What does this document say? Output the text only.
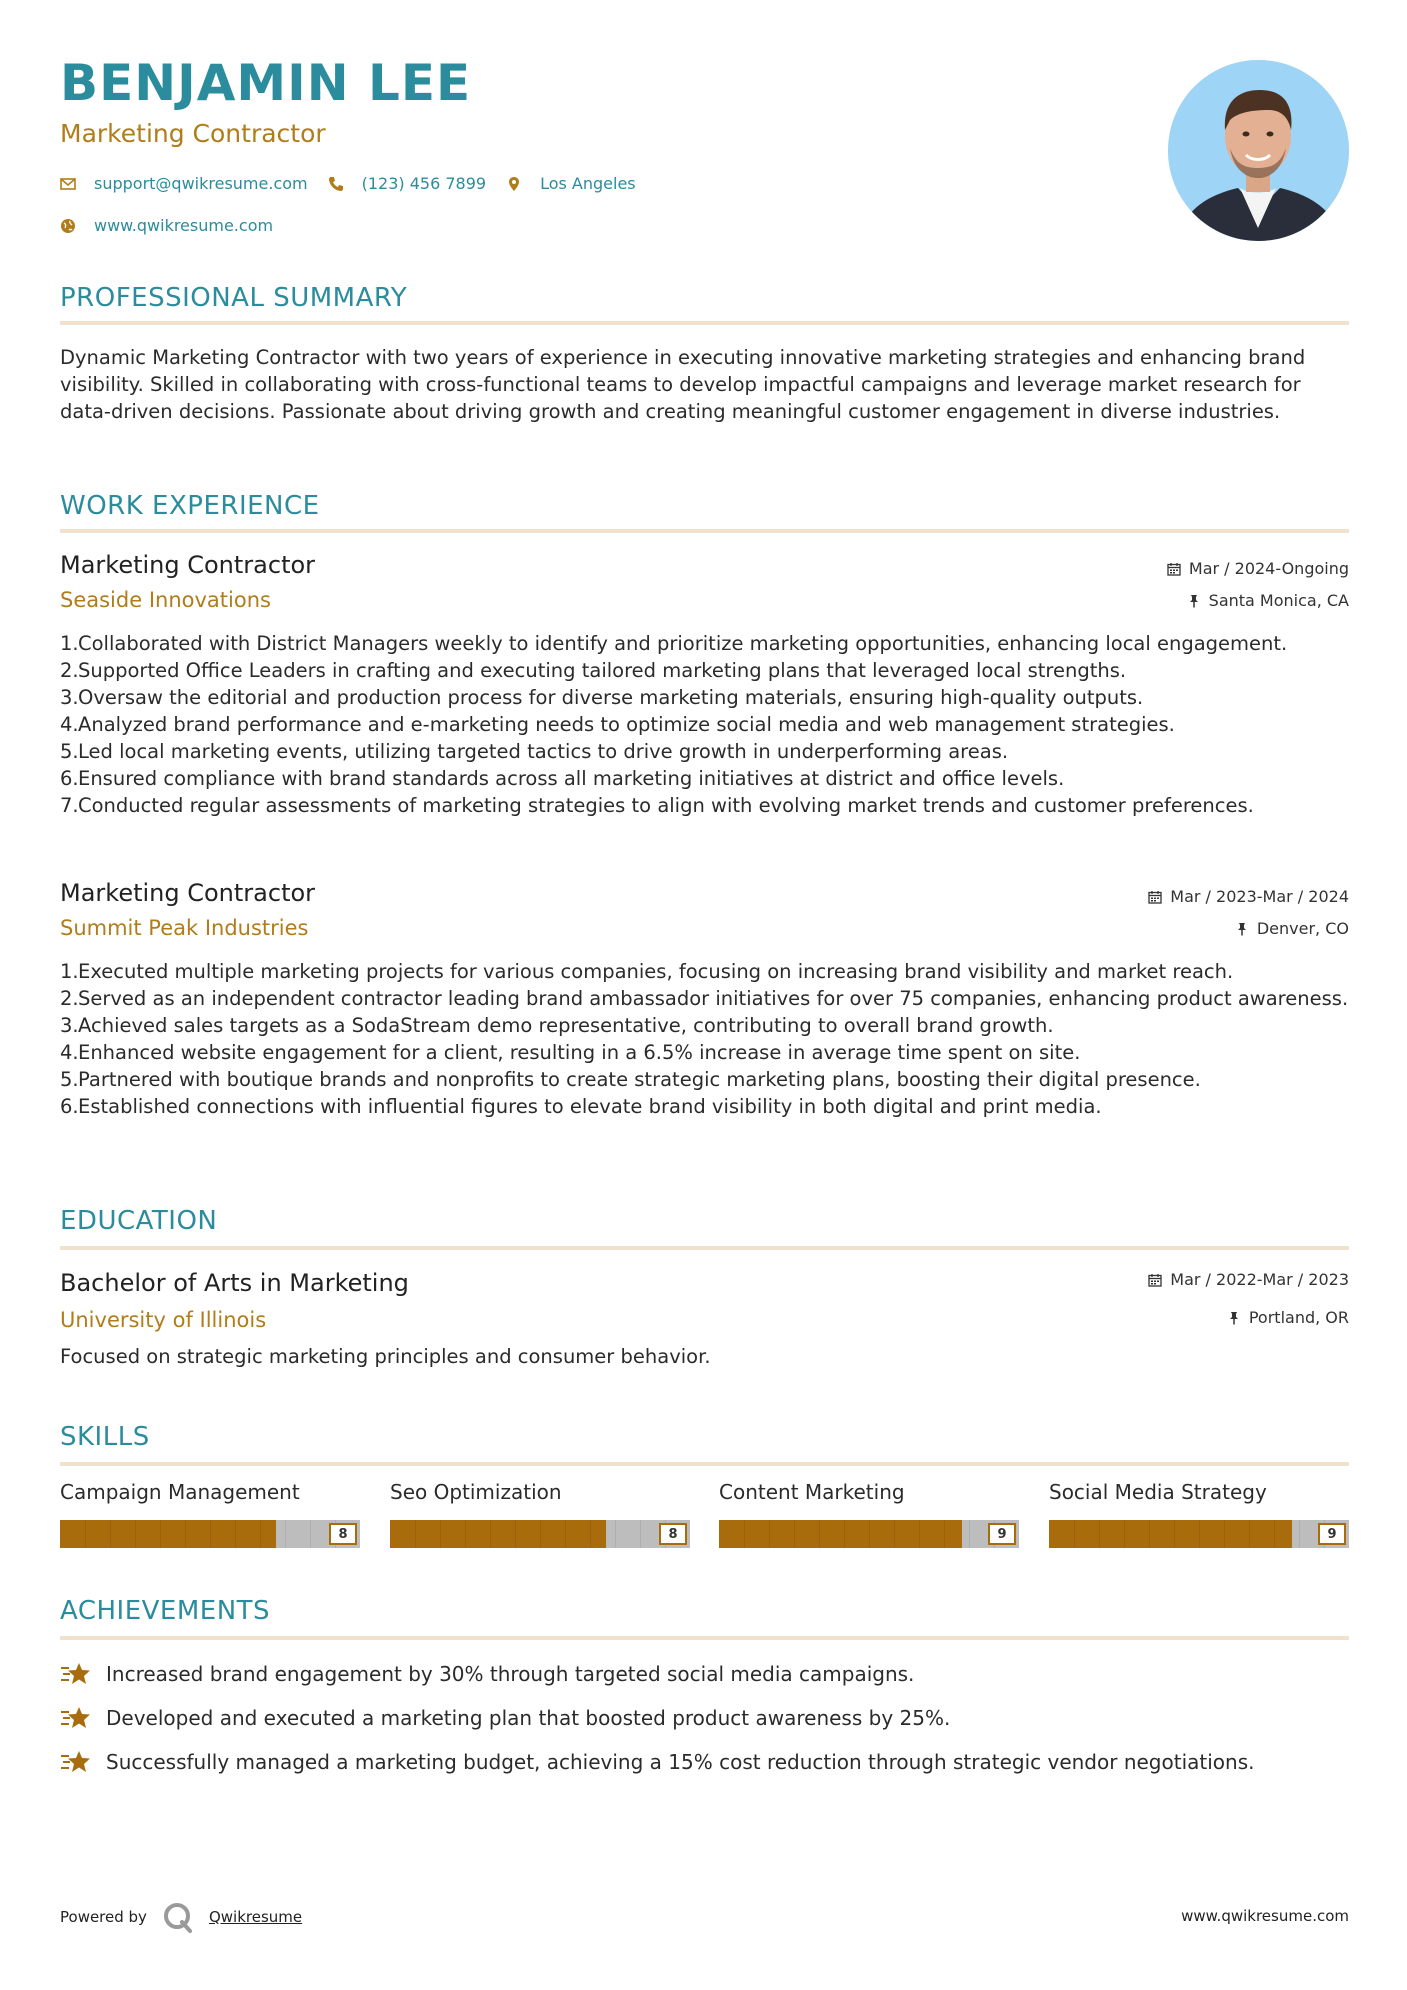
BENJAMIN LEE
Marketing Contractor
support@qwikresume.com	(123) 456 7899	Los Angeles
www.qwikresume.com
PROFESSIONAL SUMMARY
Dynamic Marketing Contractor with two years of experience in executing innovative marketing strategies and enhancing brand visibility. Skilled in collaborating with cross-functional teams to develop impactful campaigns and leverage market research for data-driven decisions. Passionate about driving growth and creating meaningful customer engagement in diverse industries.
WORK EXPERIENCE
Marketing Contractor
Seaside Innovations
Mar / 2024-Ongoing
Santa Monica, CA
1. Collaborated with District Managers weekly to identify and prioritize marketing opportunities, enhancing local engagement.
2. Supported Office Leaders in crafting and executing tailored marketing plans that leveraged local strengths.
3. Oversaw the editorial and production process for diverse marketing materials, ensuring high-quality outputs.
4. Analyzed brand performance and e-marketing needs to optimize social media and web management strategies.
5. Led local marketing events, utilizing targeted tactics to drive growth in underperforming areas.
6. Ensured compliance with brand standards across all marketing initiatives at district and office levels.
7. Conducted regular assessments of marketing strategies to align with evolving market trends and customer preferences.
Marketing Contractor
Summit Peak Industries
Mar / 2023-Mar / 2024
Denver, CO
1. Executed multiple marketing projects for various companies, focusing on increasing brand visibility and market reach.
2. Served as an independent contractor leading brand ambassador initiatives for over 75 companies, enhancing product awareness.
3. Achieved sales targets as a SodaStream demo representative, contributing to overall brand growth.
4. Enhanced website engagement for a client, resulting in a 6.5% increase in average time spent on site.
5. Partnered with boutique brands and nonprofits to create strategic marketing plans, boosting their digital presence.
6. Established connections with influential figures to elevate brand visibility in both digital and print media.
EDUCATION
Bachelor of Arts in Marketing
University of Illinois
Mar / 2022-Mar / 2023
Portland, OR
Focused on strategic marketing principles and consumer behavior.
SKILLS
Campaign Management
8
Seo Optimization
8
Content Marketing
9
Social Media Strategy
9
ACHIEVEMENTS
Increased brand engagement by 30% through targeted social media campaigns.
Developed and executed a marketing plan that boosted product awareness by 25%.
Successfully managed a marketing budget, achieving a 15% cost reduction through strategic vendor negotiations.
Powered by	Qwikresume	www.qwikresume.com
